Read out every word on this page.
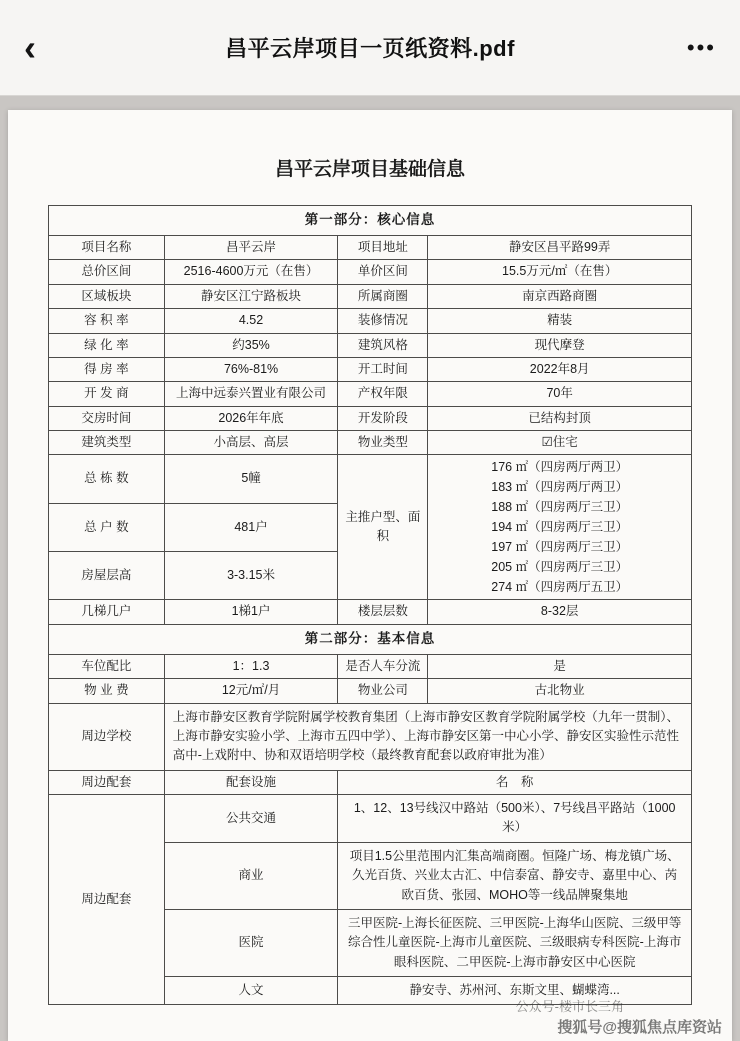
‹	昌平云岸项目一页纸资料.pdf	•••
昌平云岸项目基础信息
第一部分：核心信息			
项目名称	昌平云岸	项目地址	静安区昌平路99弄
总价区间	2516-4600万元（在售）	单价区间	15.5万元/㎡（在售）
区域板块	静安区江宁路板块	所属商圈	南京西路商圈
容 积 率	4.52	装修情况	精装
绿 化 率	约35%	建筑风格	现代摩登
得 房 率	76%-81%	开工时间	2022年8月
开 发 商	上海中远泰兴置业有限公司	产权年限	70年
交房时间	2026年年底	开发阶段	已结构封顶
建筑类型	小高层、高层	物业类型	☑住宅
总 栋 数	5幢	主推户型、面积	
176 ㎡（四房两厅两卫）
183 ㎡（四房两厅两卫）
188 ㎡（四房两厅三卫）
194 ㎡（四房两厅三卫）
197 ㎡（四房两厅三卫）
205 ㎡（四房两厅三卫）
274 ㎡（四房两厅五卫）

总 户 数	481户		
房屋层高	3-3.15米		
几梯几户	1梯1户	楼层层数	8-32层
第二部分：基本信息			
车位配比	1：1.3	是否人车分流	是
物 业 费	12元/㎡/月	物业公司	古北物业
周边学校	上海市静安区教育学院附属学校教育集团（上海市静安区教育学院附属学校（九年一贯制）、上海市静安实验小学、上海市五四中学）、上海市静安区第一中心小学、静安区实验性示范性高中-上戏附中、协和双语培明学校（最终教育配套以政府审批为准）		
周边配套	配套设施	名　称	
周边配套	公共交通	1、12、13号线汉中路站（500米）、7号线昌平路站（1000米）	
	商业	项目1.5公里范围内汇集高端商圈。恒隆广场、梅龙镇广场、久光百货、兴业太古汇、中信泰富、静安寺、嘉里中心、芮欧百货、张园、MOHO等一线品牌聚集地	
	医院	三甲医院-上海长征医院、三甲医院-上海华山医院、三级甲等综合性儿童医院-上海市儿童医院、三级眼病专科医院-上海市眼科医院、二甲医院-上海市静安区中心医院	
	人文	静安寺、苏州河、东斯文里、蝴蝶湾...	
公众号-楼市长三角
搜狐号@搜狐焦点库资站
